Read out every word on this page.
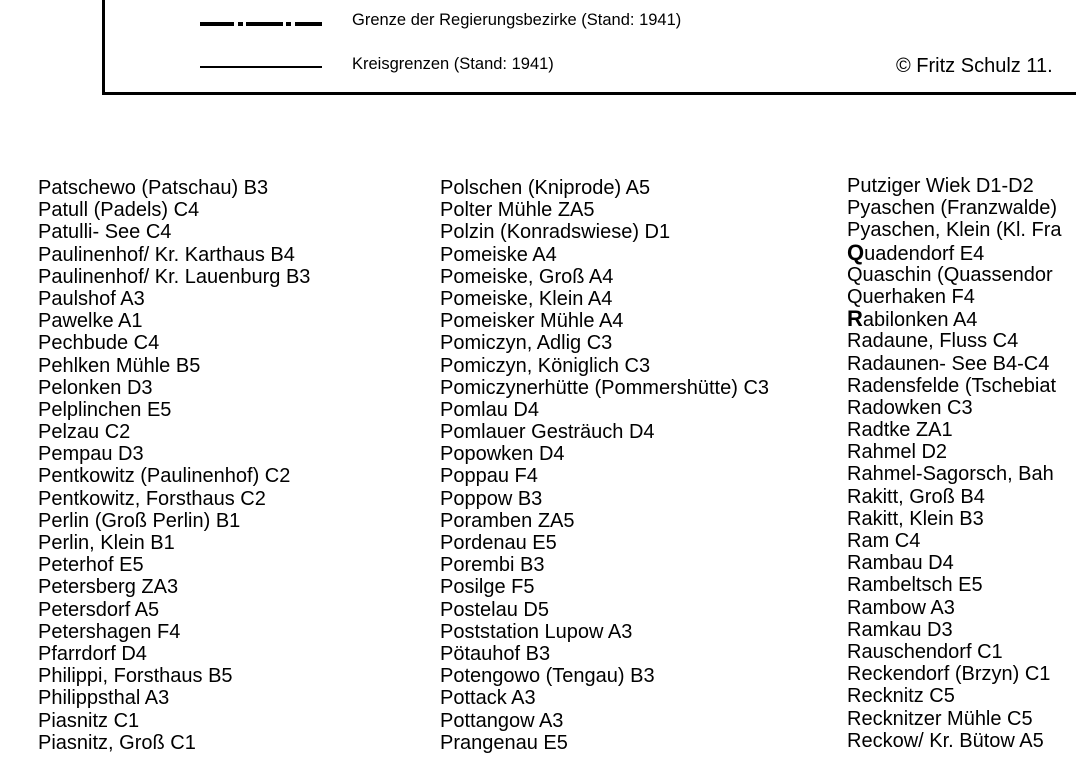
Grenze der Regierungsbezirke (Stand: 1941)
Kreisgrenzen (Stand: 1941)	© Fritz Schulz 11.
Patschewo (Patschau) B3
Patull (Padels) C4
Patulli- See C4
Paulinenhof/ Kr. Karthaus B4
Paulinenhof/ Kr. Lauenburg B3
Paulshof A3
Pawelke A1
Pechbude C4
Pehlken Mühle B5
Pelonken D3
Pelplinchen E5
Pelzau C2
Pempau D3
Pentkowitz (Paulinenhof) C2
Pentkowitz, Forsthaus C2
Perlin (Groß Perlin) B1
Perlin, Klein B1
Peterhof E5
Petersberg ZA3
Petersdorf A5
Petershagen F4
Pfarrdorf D4
Philippi, Forsthaus B5
Philippsthal A3
Piasnitz C1
Piasnitz, Groß C1
Polschen (Kniprode) A5
Polter Mühle ZA5
Polzin (Konradswiese) D1
Pomeiske A4
Pomeiske, Groß A4
Pomeiske, Klein A4
Pomeisker Mühle A4
Pomiczyn, Adlig C3
Pomiczyn, Königlich C3
Pomiczynerhütte (Pommershütte) C3
Pomlau D4
Pomlauer Gesträuch D4
Popowken D4
Poppau F4
Poppow B3
Poramben ZA5
Pordenau E5
Porembi B3
Posilge F5
Postelau D5
Poststation Lupow A3
Pötauhof B3
Potengowo (Tengau) B3
Pottack A3
Pottangow A3
Prangenau E5
Putziger Wiek D1-D2
Pyaschen (Franzwalde)
Pyaschen, Klein (Kl. Fra
Quadendorf E4
Quaschin (Quassendor
Querhaken F4
Rabilonken A4
Radaune, Fluss C4
Radaunen- See B4-C4
Radensfelde (Tschebiat
Radowken C3
Radtke ZA1
Rahmel D2
Rahmel-Sagorsch, Bah
Rakitt, Groß B4
Rakitt, Klein B3
Ram C4
Rambau D4
Rambeltsch E5
Rambow A3
Ramkau D3
Rauschendorf C1
Reckendorf (Brzyn) C1
Recknitz C5
Recknitzer Mühle C5
Reckow/ Kr. Bütow A5
